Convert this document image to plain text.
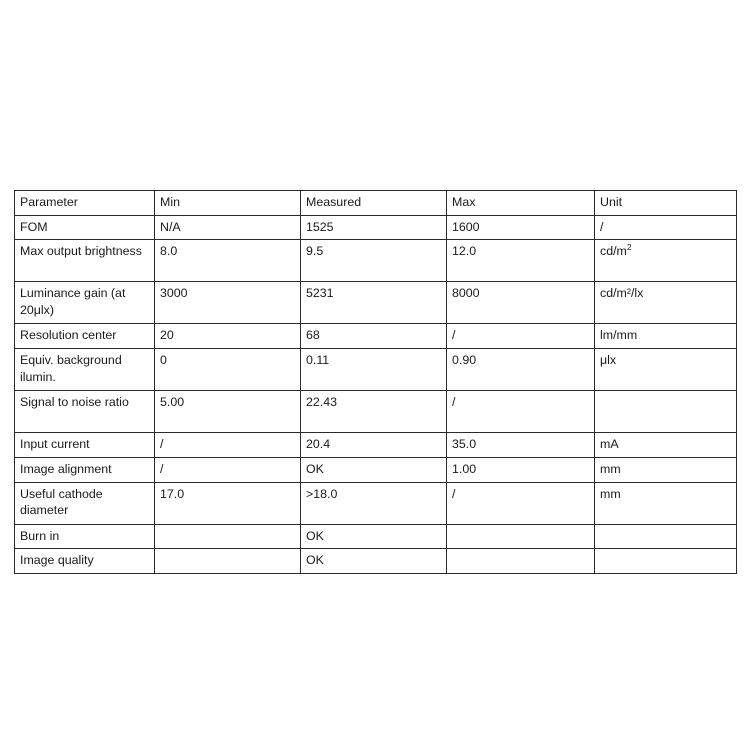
Parameter	Min	Measured	Max	Unit
FOM	N/A	1525	1600	/
Max output brightness	8.0	9.5	12.0	$cd/m^2$
Luminance gain (at 20μlx)	3000	5231	8000	cd/m²/lx
Resolution center	20	68	/	lm/mm
Equiv. background ilumin.	0	0.11	0.90	μlx
Signal to noise ratio	5.00	22.43	/	
Input current	/	20.4	35.0	mA
Image alignment	/	OK	1.00	mm
Useful cathode diameter	17.0	>18.0	/	mm
Burn in		OK		
Image quality		OK		
